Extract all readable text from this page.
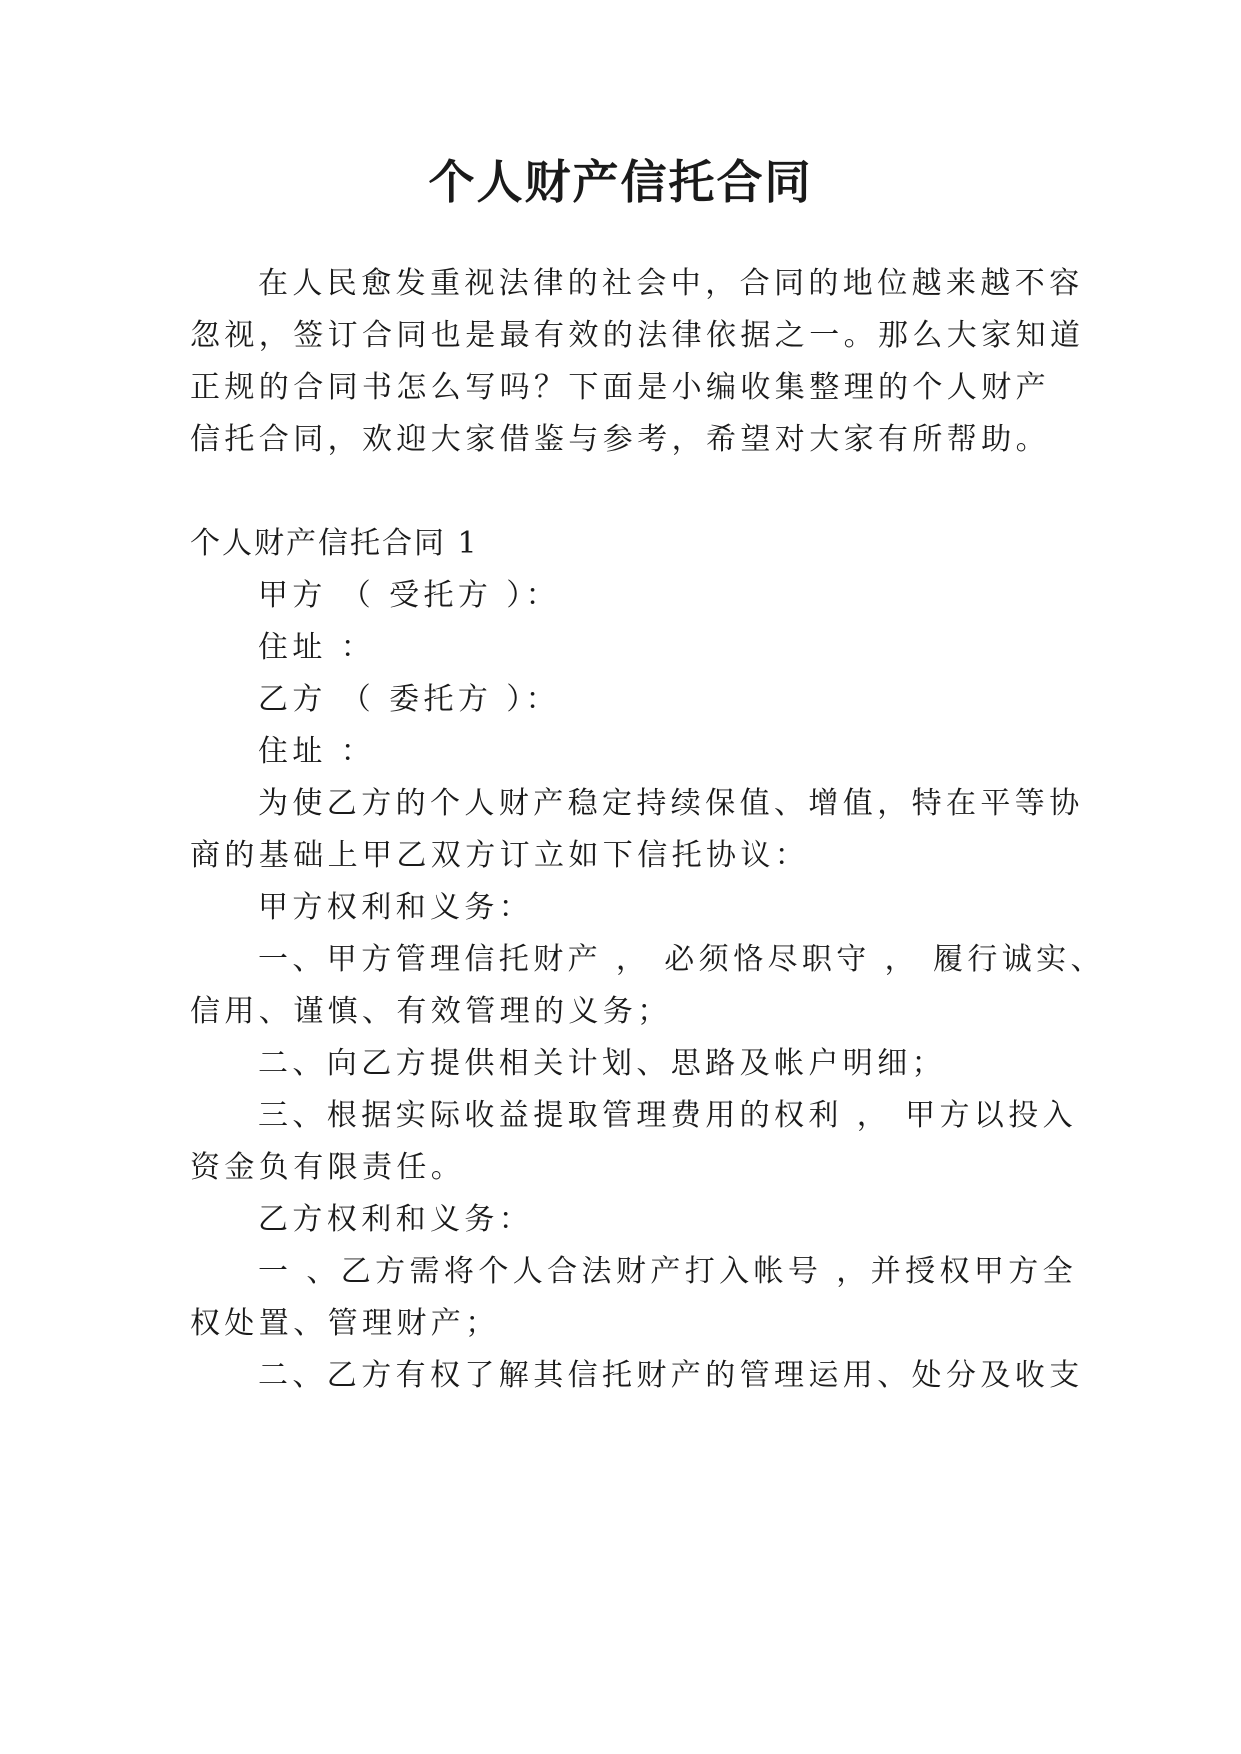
个人财产信托合同

在人民愈发重视法律的社会中，合同的地位越来越不容

忽视，签订合同也是最有效的法律依据之一。那么大家知道

正规的合同书怎么写吗？下面是小编收集整理的个人财产

信托合同，欢迎大家借鉴与参考，希望对大家有所帮助。

个人财产信托合同 1

甲方 （ 受托方 ）：

住址 ：

乙方 （ 委托方 ）：

住址 ：

为使乙方的个人财产稳定持续保值、增值，特在平等协

商的基础上甲乙双方订立如下信托协议：

甲方权利和义务：

一、甲方管理信托财产 ， 必须恪尽职守 ， 履行诚实、

信用、谨慎、有效管理的义务；

二、向乙方提供相关计划、思路及帐户明细；

三、根据实际收益提取管理费用的权利 ， 甲方以投入

资金负有限责任。

乙方权利和义务：

一 、乙方需将个人合法财产打入帐号 ，并授权甲方全

权处置、管理财产；

二、乙方有权了解其信托财产的管理运用、处分及收支
